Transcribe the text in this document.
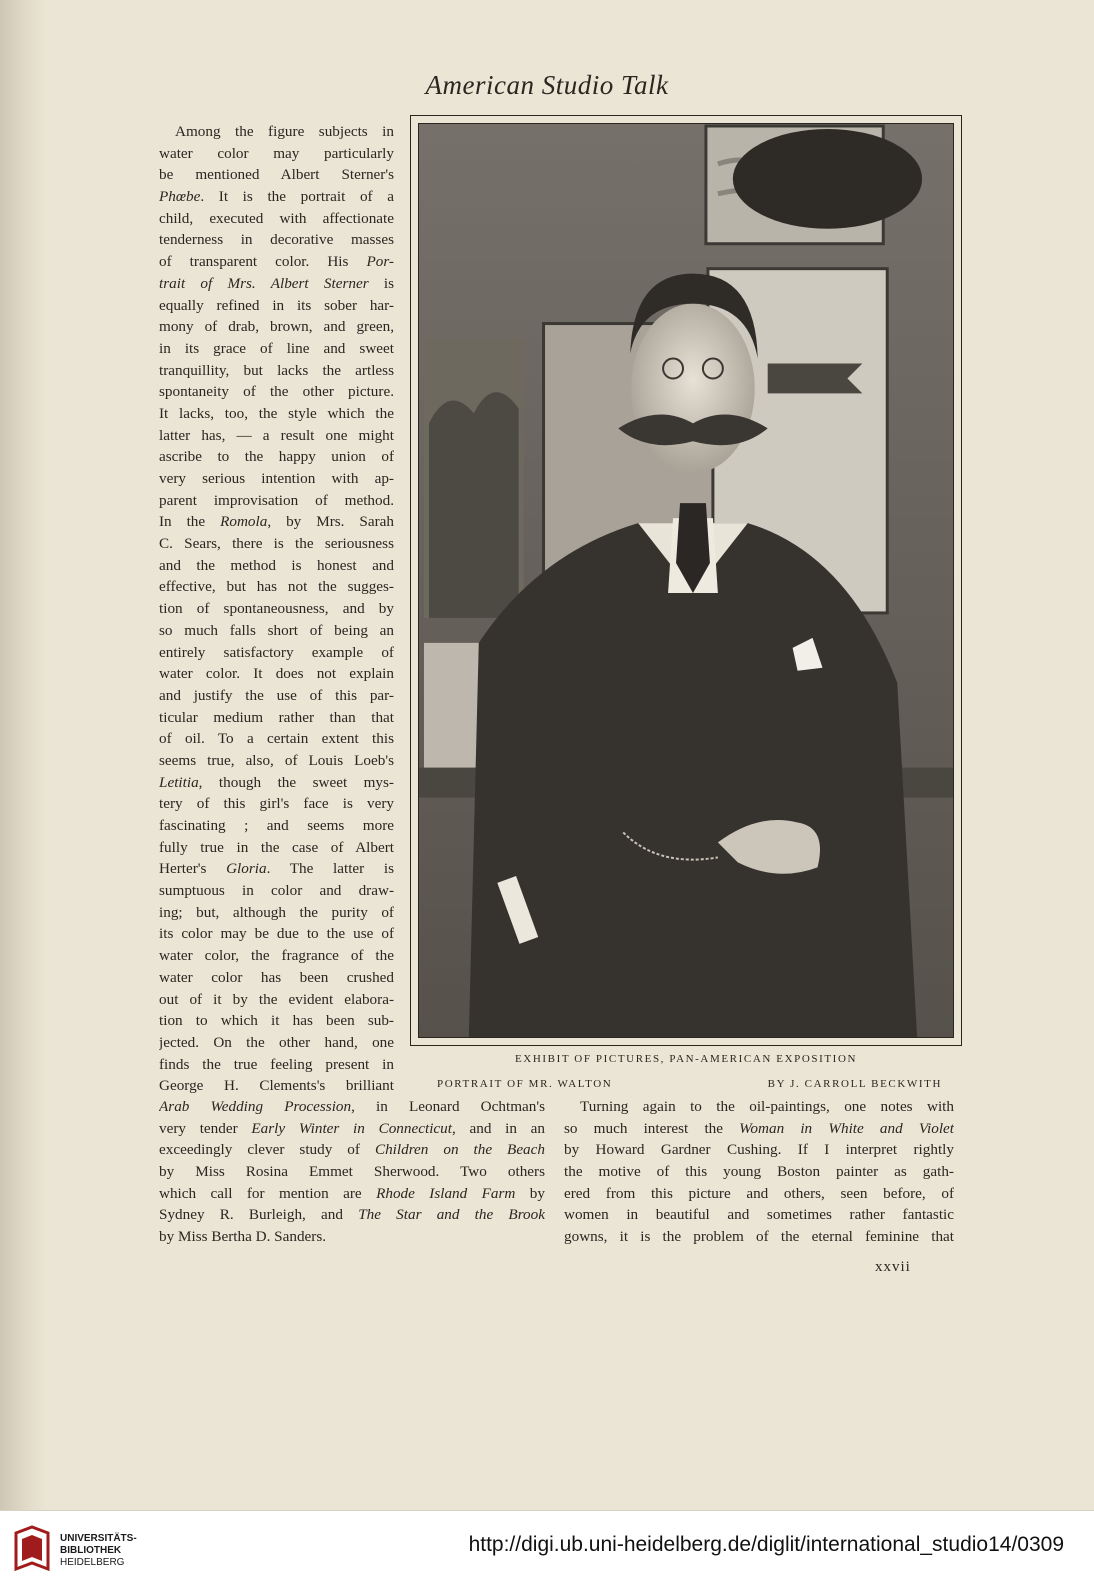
American Studio Talk
Among the figure subjects in
water color may particularly
be mentioned Albert Sterner's
Phœbe. It is the portrait of a
child, executed with affectionate
tenderness in decorative masses
of transparent color. His Por-
trait of Mrs. Albert Sterner is
equally refined in its sober har-
mony of drab, brown, and green,
in its grace of line and sweet
tranquillity, but lacks the artless
spontaneity of the other picture.
It lacks, too, the style which the
latter has, — a result one might
ascribe to the happy union of
very serious intention with ap-
parent improvisation of method.
In the Romola, by Mrs. Sarah
C. Sears, there is the seriousness
and the method is honest and
effective, but has not the sugges-
tion of spontaneousness, and by
so much falls short of being an
entirely satisfactory example of
water color. It does not explain
and justify the use of this par-
ticular medium rather than that
of oil. To a certain extent this
seems true, also, of Louis Loeb's
Letitia, though the sweet mys-
tery of this girl's face is very
fascinating ; and seems more
fully true in the case of Albert
Herter's Gloria. The latter is
sumptuous in color and draw-
ing; but, although the purity of
its color may be due to the use of
water color, the fragrance of the
water color has been crushed
out of it by the evident elabora-
tion to which it has been sub-
jected. On the other hand, one
finds the true feeling present in
George H. Clements's brilliant
EXHIBIT OF PICTURES, PAN-AMERICAN EXPOSITION
PORTRAIT OF MR. WALTON	BY J. CARROLL BECKWITH
Arab Wedding Procession, in Leonard Ochtman's
very tender Early Winter in Connecticut, and in an
exceedingly clever study of Children on the Beach
by Miss Rosina Emmet Sherwood. Two others
which call for mention are Rhode Island Farm by
Sydney R. Burleigh, and The Star and the Brook
by Miss Bertha D. Sanders.
Turning again to the oil-paintings, one notes with
so much interest the Woman in White and Violet
by Howard Gardner Cushing. If I interpret rightly
the motive of this young Boston painter as gath-
ered from this picture and others, seen before, of
women in beautiful and sometimes rather fantastic
gowns, it is the problem of the eternal feminine that
xxvii
UNIVERSITÄTS-
BIBLIOTHEK
HEIDELBERG
http://digi.ub.uni-heidelberg.de/diglit/international_studio14/0309
